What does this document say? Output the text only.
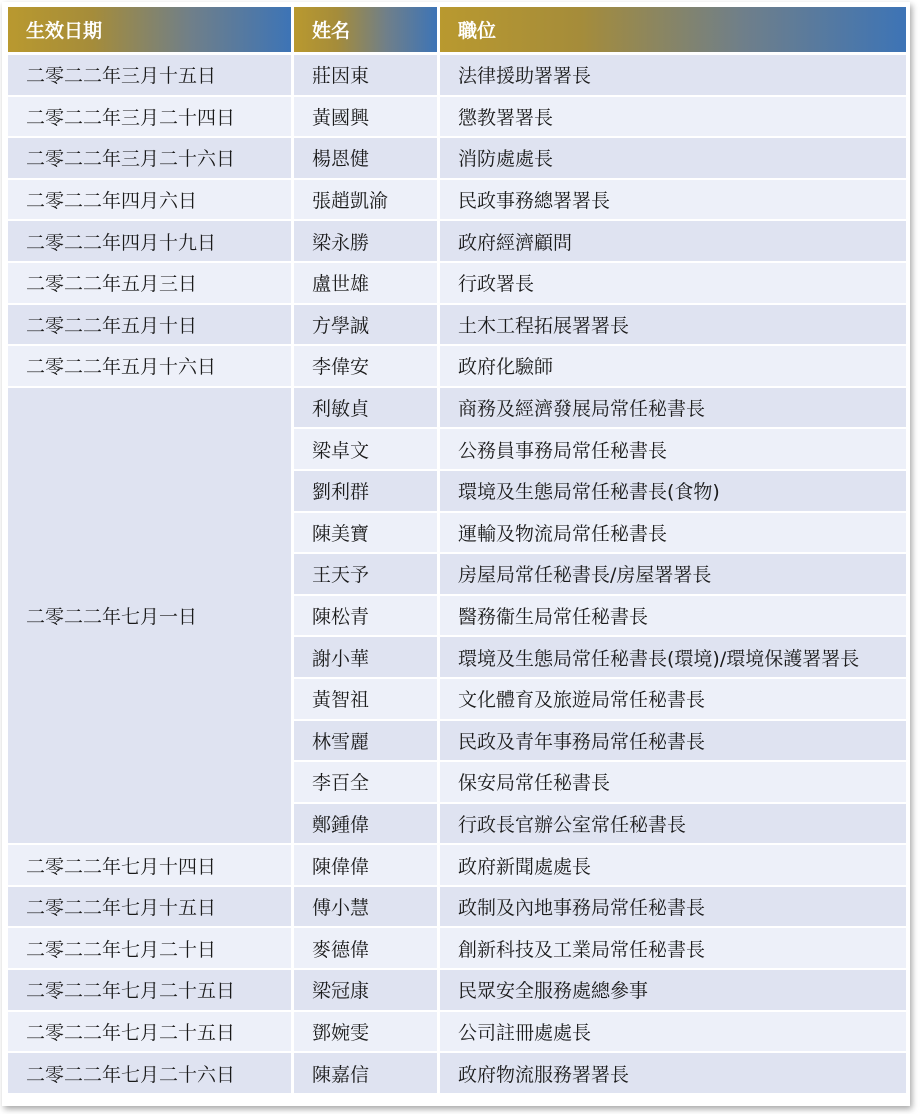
生效日期	姓名	職位
二零二二年三月十五日	莊因東	法律援助署署長
二零二二年三月二十四日	黃國興	懲教署署長
二零二二年三月二十六日	楊恩健	消防處處長
二零二二年四月六日	張趙凱渝	民政事務總署署長
二零二二年四月十九日	梁永勝	政府經濟顧問
二零二二年五月三日	盧世雄	行政署長
二零二二年五月十日	方學誠	土木工程拓展署署長
二零二二年五月十六日	李偉安	政府化驗師
二零二二年七月一日	利敏貞	商務及經濟發展局常任秘書長
	梁卓文	公務員事務局常任秘書長
	劉利群	環境及生態局常任秘書長(食物)
	陳美寶	運輸及物流局常任秘書長
	王天予	房屋局常任秘書長/房屋署署長
	陳松青	醫務衞生局常任秘書長
	謝小華	環境及生態局常任秘書長(環境)/環境保護署署長
	黃智祖	文化體育及旅遊局常任秘書長
	林雪麗	民政及青年事務局常任秘書長
	李百全	保安局常任秘書長
	鄭鍾偉	行政長官辦公室常任秘書長
二零二二年七月十四日	陳偉偉	政府新聞處處長
二零二二年七月十五日	傅小慧	政制及內地事務局常任秘書長
二零二二年七月二十日	麥德偉	創新科技及工業局常任秘書長
二零二二年七月二十五日	梁冠康	民眾安全服務處總參事
二零二二年七月二十五日	鄧婉雯	公司註冊處處長
二零二二年七月二十六日	陳嘉信	政府物流服務署署長
